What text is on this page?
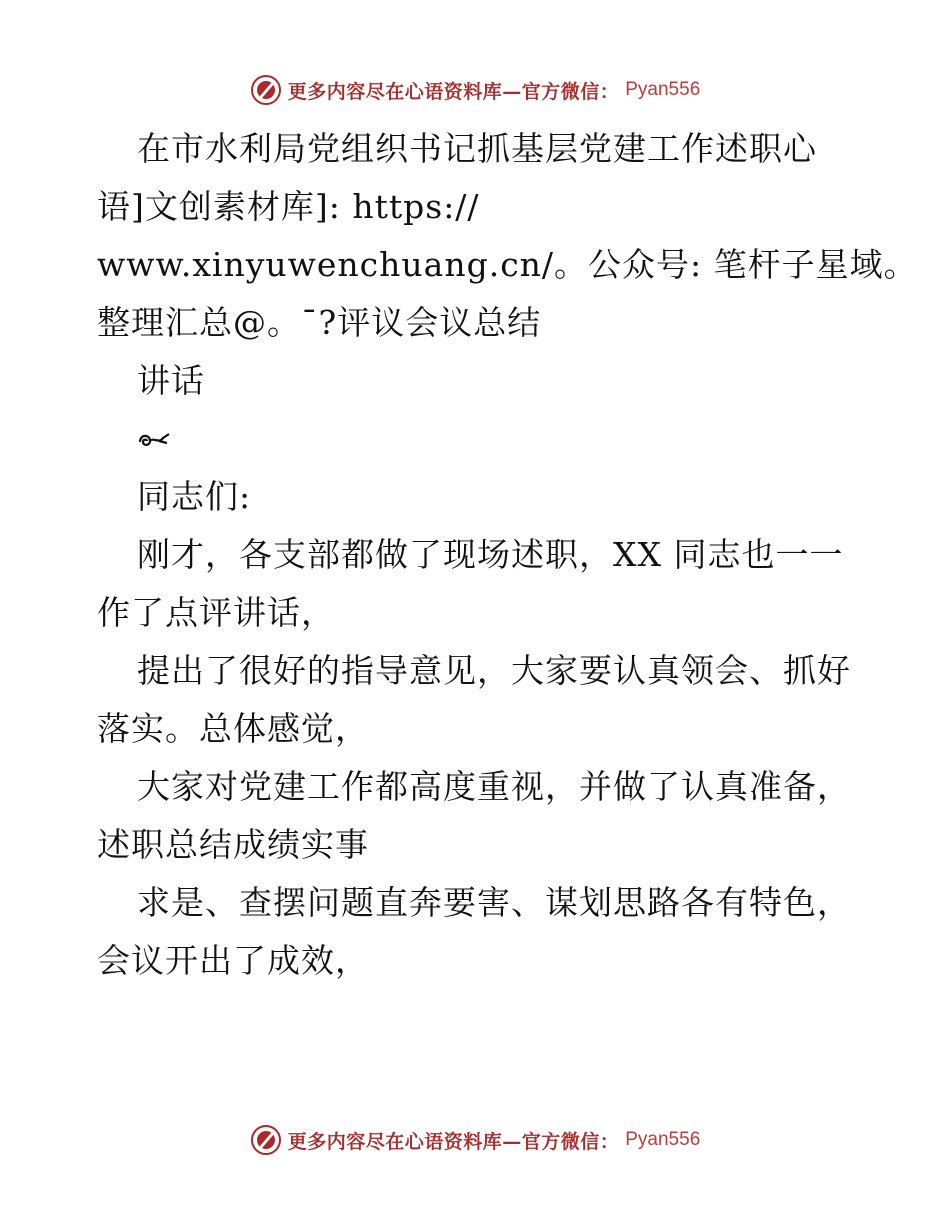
更多内容尽在心语资料库—官方微信： Pyan556
在市水利局党组织书记抓基层党建工作述职心
语]文创素材库]: https://
www.xinyuwenchuang.cn/。公众号: 笔杆子星域。
整理汇总@。¯?评议会议总结
讲话
同志们:
刚才，各支部都做了现场述职，XX 同志也一一
作了点评讲话，
提出了很好的指导意见，大家要认真领会、抓好
落实。总体感觉，
大家对党建工作都高度重视，并做了认真准备，
述职总结成绩实事
求是、查摆问题直奔要害、谋划思路各有特色，
会议开出了成效，
更多内容尽在心语资料库—官方微信： Pyan556
